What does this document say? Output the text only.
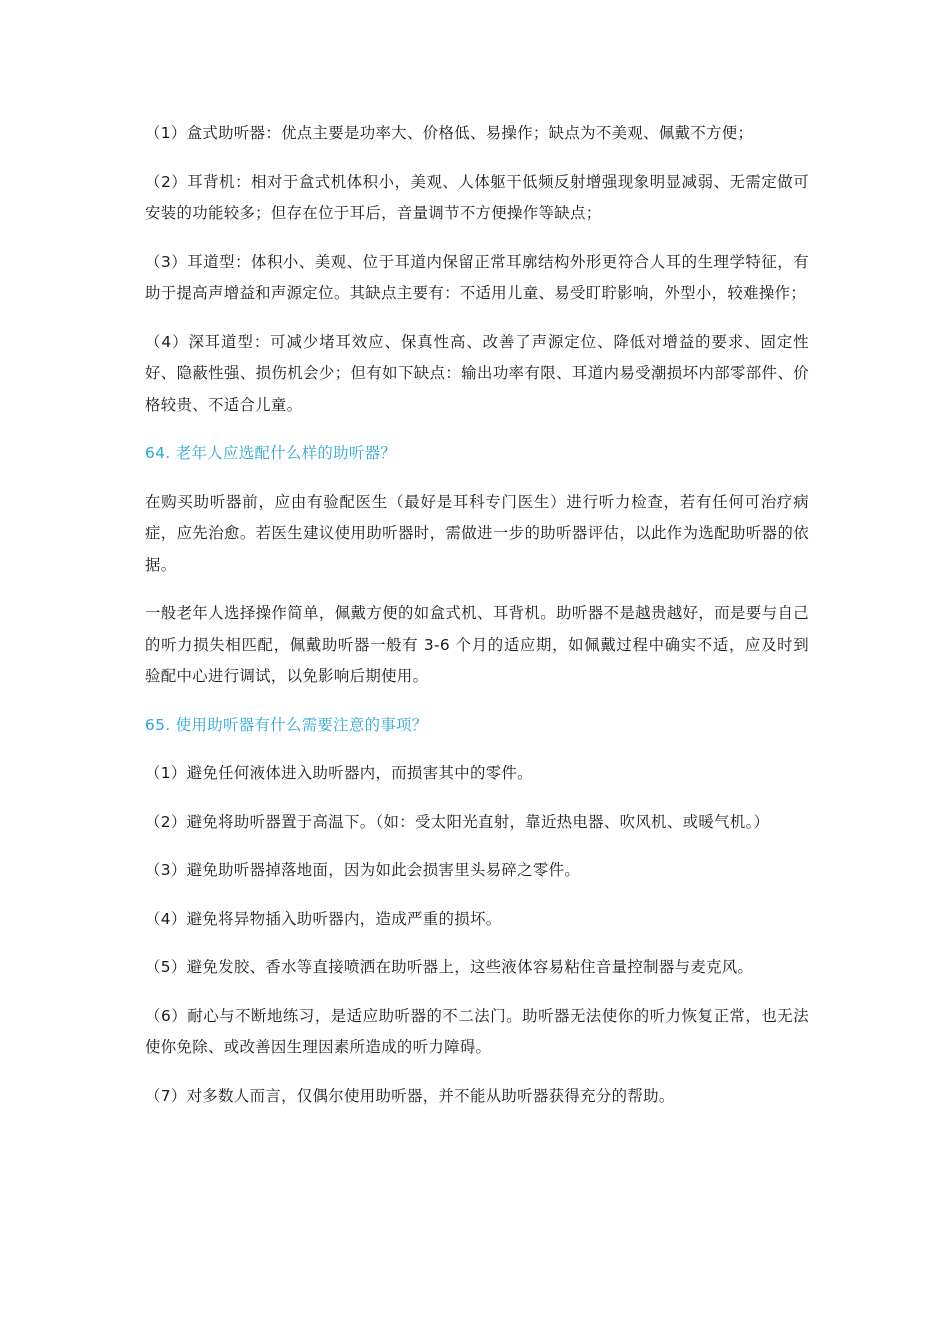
（1）盒式助听器：优点主要是功率大、价格低、易操作；缺点为不美观、佩戴不方便；

（2）耳背机：相对于盒式机体积小，美观、人体躯干低频反射增强现象明显减弱、无需定做可安装的功能较多；但存在位于耳后，音量调节不方便操作等缺点；

（3）耳道型：体积小、美观、位于耳道内保留正常耳廓结构外形更符合人耳的生理学特征，有助于提高声增益和声源定位。其缺点主要有：不适用儿童、易受盯聍影响，外型小，较难操作；

（4）深耳道型：可减少堵耳效应、保真性高、改善了声源定位、降低对增益的要求、固定性好、隐蔽性强、损伤机会少；但有如下缺点：输出功率有限、耳道内易受潮损坏内部零部件、价格较贵、不适合儿童。

64. 老年人应选配什么样的助听器？

在购买助听器前，应由有验配医生（最好是耳科专门医生）进行听力检查，若有任何可治疗病症，应先治愈。若医生建议使用助听器时，需做进一步的助听器评估，以此作为选配助听器的依据。

一般老年人选择操作简单，佩戴方便的如盒式机、耳背机。助听器不是越贵越好，而是要与自己的听力损失相匹配，佩戴助听器一般有 3-6 个月的适应期，如佩戴过程中确实不适，应及时到验配中心进行调试，以免影响后期使用。

65. 使用助听器有什么需要注意的事项？

（1）避免任何液体进入助听器内，而损害其中的零件。

（2）避免将助听器置于高温下。（如：受太阳光直射，靠近热电器、吹风机、或暖气机。）

（3）避免助听器掉落地面，因为如此会损害里头易碎之零件。

（4）避免将异物插入助听器内，造成严重的损坏。

（5）避免发胶、香水等直接喷洒在助听器上，这些液体容易粘住音量控制器与麦克风。

（6）耐心与不断地练习，是适应助听器的不二法门。助听器无法使你的听力恢复正常，也无法使你免除、或改善因生理因素所造成的听力障碍。

（7）对多数人而言，仅偶尔使用助听器，并不能从助听器获得充分的帮助。
